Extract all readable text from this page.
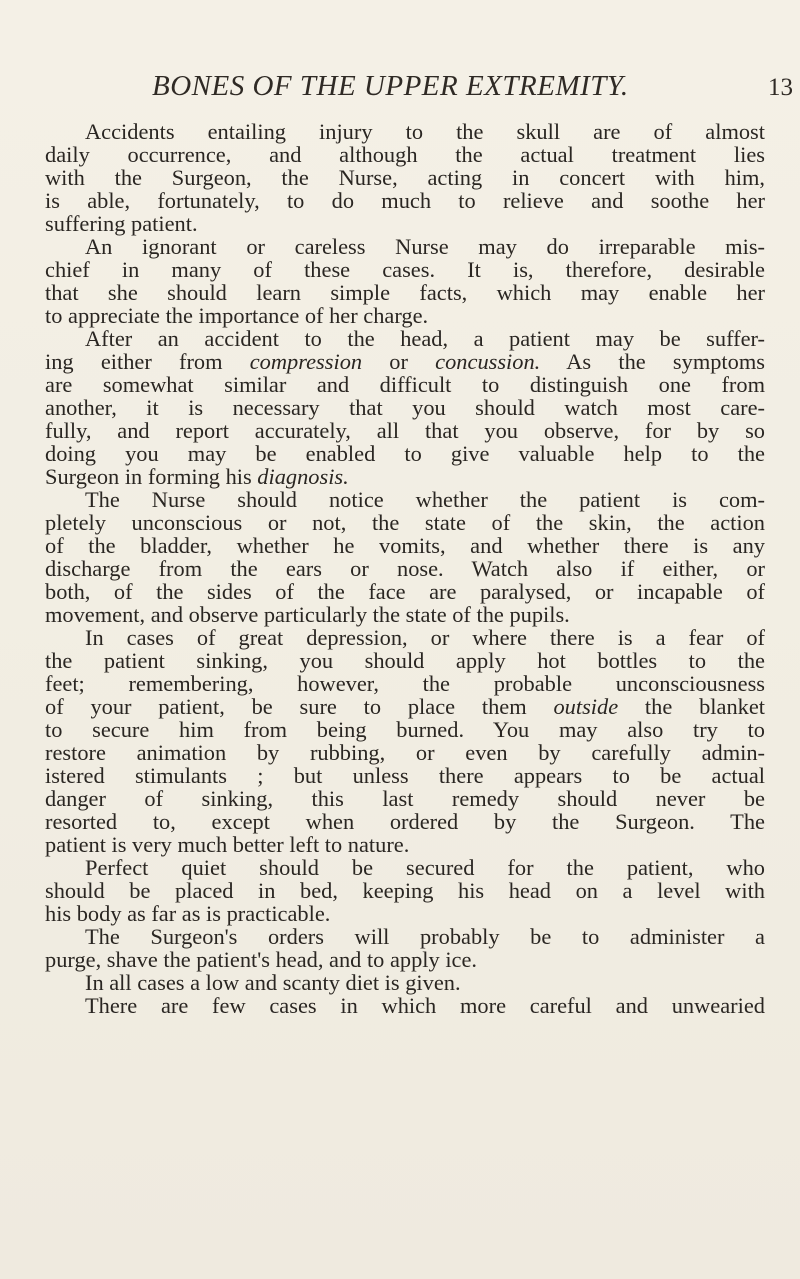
BONES OF THE UPPER EXTREMITY.	13
Accidents entailing injury to the skull are of almost
daily occurrence, and although the actual treatment lies
with the Surgeon, the Nurse, acting in concert with him,
is able, fortunately, to do much to relieve and soothe her
suffering patient.
An ignorant or careless Nurse may do irreparable mis-
chief in many of these cases. It is, therefore, desirable
that she should learn simple facts, which may enable her
to appreciate the importance of her charge.
After an accident to the head, a patient may be suffer-
ing either from compression or concussion. As the symptoms
are somewhat similar and difficult to distinguish one from
another, it is necessary that you should watch most care-
fully, and report accurately, all that you observe, for by so
doing you may be enabled to give valuable help to the
Surgeon in forming his diagnosis.
The Nurse should notice whether the patient is com-
pletely unconscious or not, the state of the skin, the action
of the bladder, whether he vomits, and whether there is any
discharge from the ears or nose. Watch also if either, or
both, of the sides of the face are paralysed, or incapable of
movement, and observe particularly the state of the pupils.
In cases of great depression, or where there is a fear of
the patient sinking, you should apply hot bottles to the
feet; remembering, however, the probable unconsciousness
of your patient, be sure to place them outside the blanket
to secure him from being burned. You may also try to
restore animation by rubbing, or even by carefully admin-
istered stimulants ; but unless there appears to be actual
danger of sinking, this last remedy should never be
resorted to, except when ordered by the Surgeon. The
patient is very much better left to nature.
Perfect quiet should be secured for the patient, who
should be placed in bed, keeping his head on a level with
his body as far as is practicable.
The Surgeon's orders will probably be to administer a
purge, shave the patient's head, and to apply ice.
In all cases a low and scanty diet is given.
There are few cases in which more careful and unwearied
